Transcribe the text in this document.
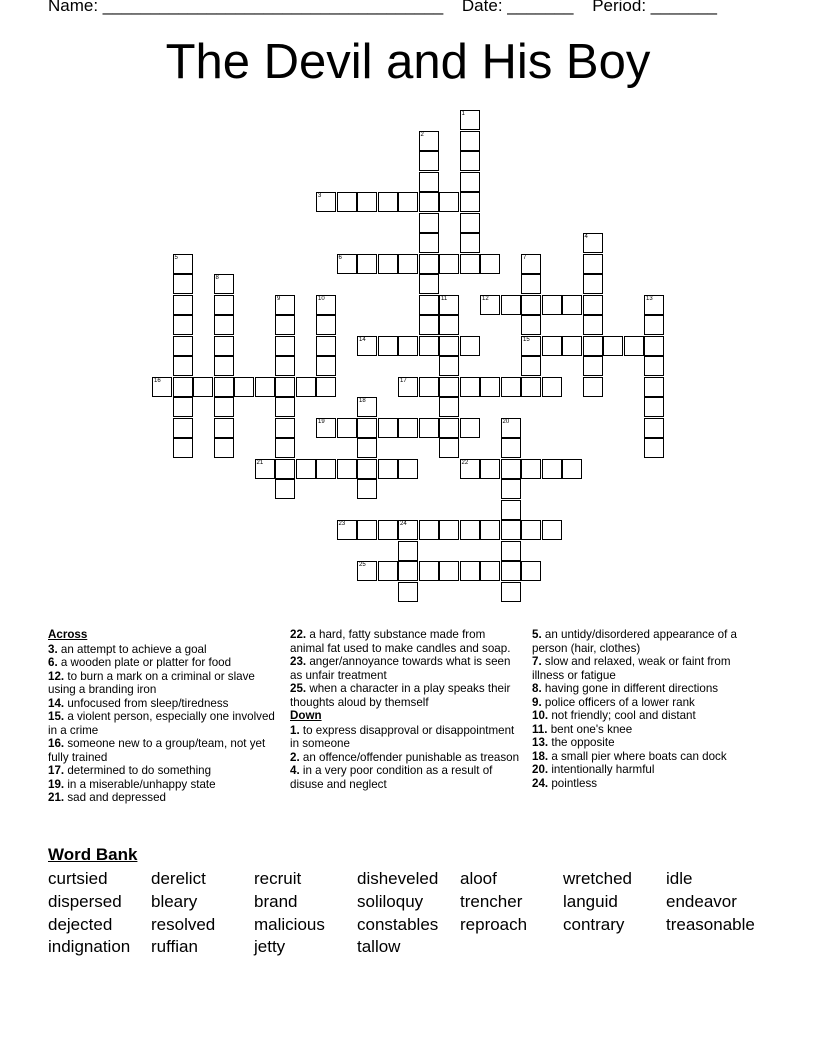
Name: ____________________________________ Date: _______ Period: _______
The Devil and His Boy
1
2
3
4
5	6	7
15
8
9	10	11	12	13
14
16	17
18
19	20
21	22
23	24
25
Across
3. an attempt to achieve a goal
6. a wooden plate or platter for food
12. to burn a mark on a criminal or slave using a branding iron
14. unfocused from sleep/tiredness
15. a violent person, especially one involved in a crime
16. someone new to a group/team, not yet fully trained
17. determined to do something
19. in a miserable/unhappy state
21. sad and depressed
22. a hard, fatty substance made from animal fat used to make candles and soap.
23. anger/annoyance towards what is seen as unfair treatment
25. when a character in a play speaks their thoughts aloud by themself
Down
1. to express disapproval or disappointment in someone
2. an offence/offender punishable as treason
4. in a very poor condition as a result of disuse and neglect
5. an untidy/disordered appearance of a person (hair, clothes)
7. slow and relaxed, weak or faint from illness or fatigue
8. having gone in different directions
9. police officers of a lower rank
10. not friendly; cool and distant
11. bent one's knee
13. the opposite
18. a small pier where boats can dock
20. intentionally harmful
24. pointless
Word Bank
curtsied	derelict	recruit	disheveled	aloof	wretched	idle
dispersed	bleary	brand	soliloquy	trencher	languid	endeavor
dejected	resolved	malicious	constables	reproach	contrary	treasonable
indignation	ruffian	jetty	tallow
